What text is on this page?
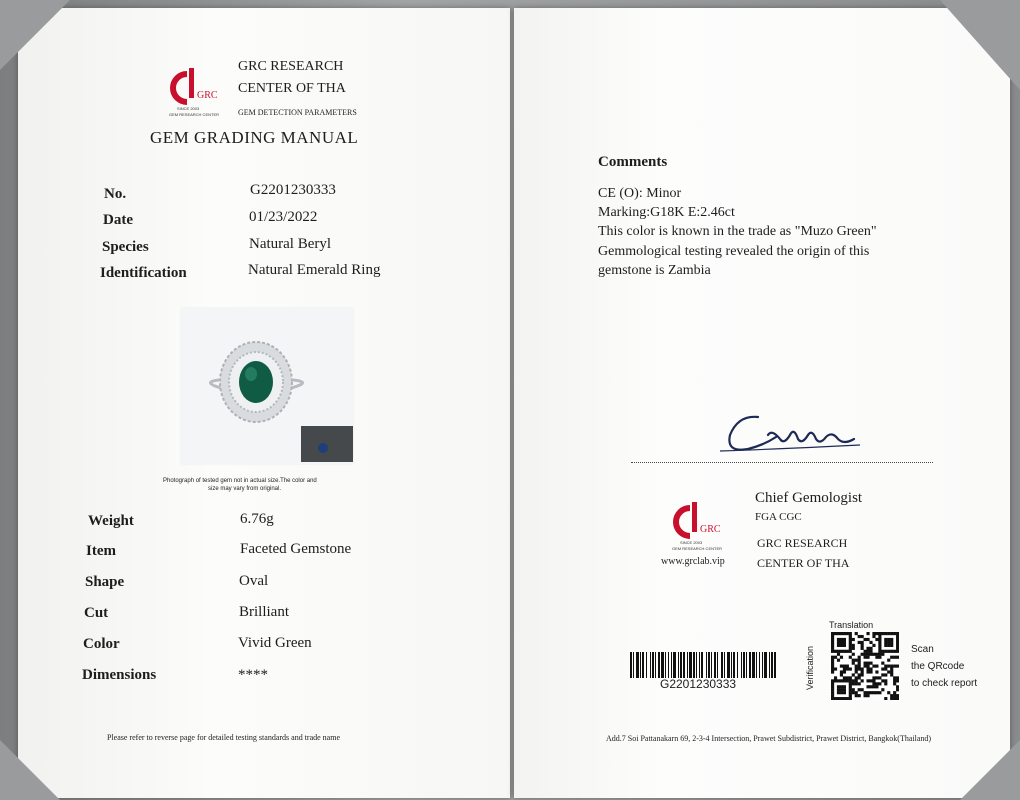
GRC
SINCE 2003
GEM RESEARCH CENTER
GRC RESEARCH
CENTER OF THA
GEM DETECTION PARAMETERS
GEM GRADING MANUAL
No.	G2201230333
Date	01/23/2022
Species	Natural Beryl
Identification	Natural Emerald Ring
Photograph of tested gem not in actual size.The color and
size may vary from original.
Weight	6.76g
Item	Faceted Gemstone
Shape	Oval
Cut	Brilliant
Color	Vivid Green
Dimensions	****
Please refer to reverse page for detailed testing standards and trade name
Comments
CE (O): Minor
Marking:G18K E:2.46ct
This color is known in the trade as "Muzo Green"
Gemmological testing revealed the origin of this
gemstone is Zambia
GRC
SINCE 2003
GEM RESEARCH CENTER
www.grclab.vip
Chief Gemologist
FGA CGC
GRC RESEARCH
CENTER OF THA
G2201230333
Translation
Verification	Scan
the QRcode
to check report
Add.7 Soi Pattanakarn 69, 2-3-4 Intersection, Prawet Subdistrict, Prawet District, Bangkok(Thailand)
